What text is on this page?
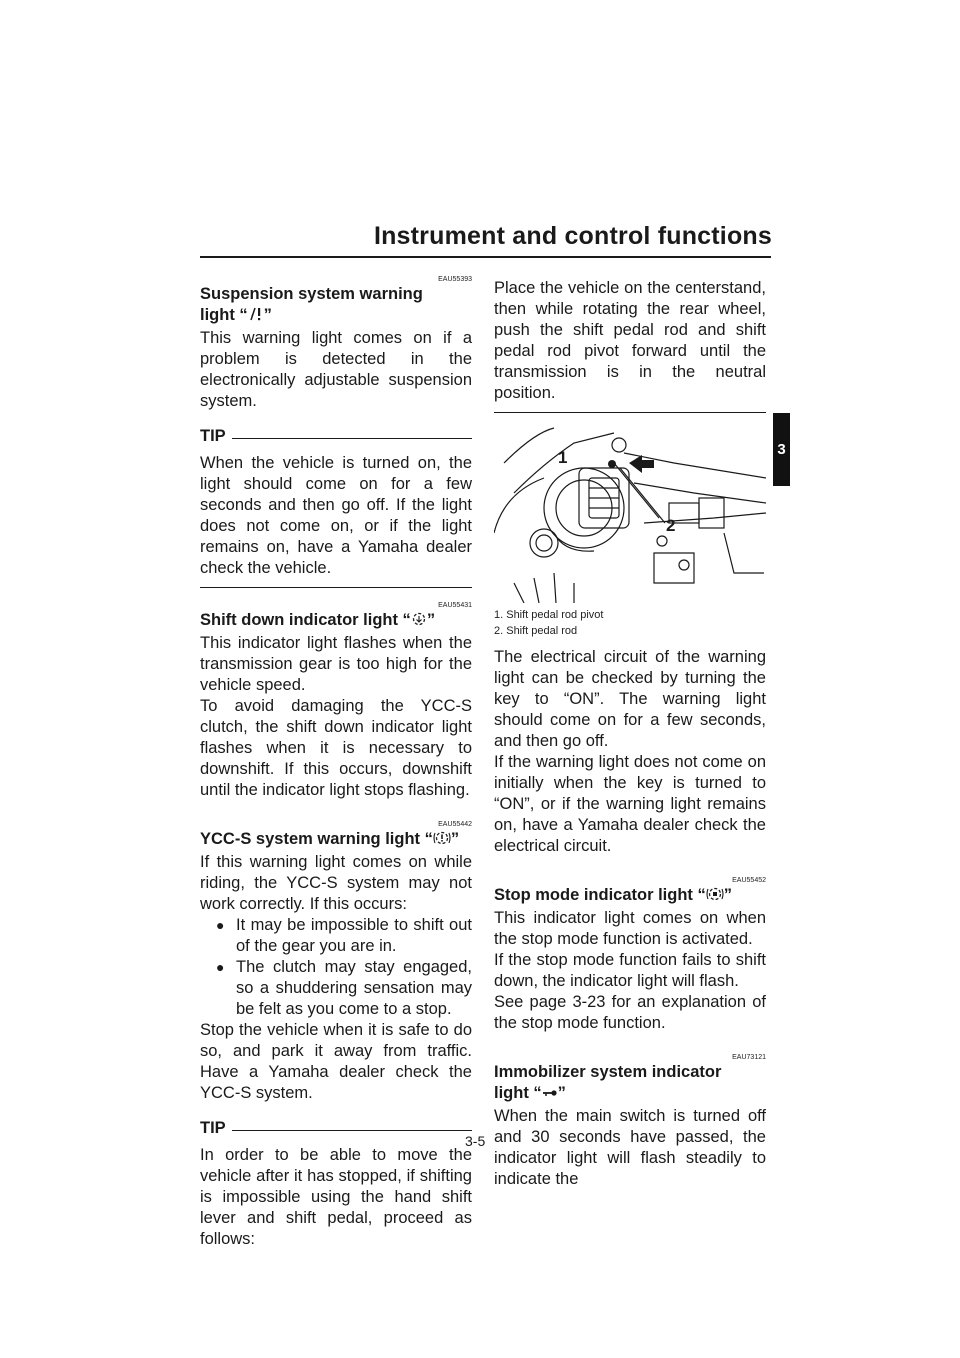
Instrument and control functions
3
EAU55393
Suspension system warning
light “ ”

This warning light comes on if a problem is detected in the electronically adjustable suspension system.

TIP

When the vehicle is turned on, the light should come on for a few seconds and then go off. If the light does not come on, or if the light remains on, have a Yamaha dealer check the vehicle.

EAU55431
Shift down indicator light “ ”

This indicator light flashes when the transmission gear is too high for the vehicle speed.

To avoid damaging the YCC-S clutch, the shift down indicator light flashes when it is necessary to downshift. If this occurs, downshift until the indicator light stops flashing.

EAU55442
YCC-S system warning light “ ”

If this warning light comes on while riding, the YCC-S system may not work correctly. If this occurs:

● It may be impossible to shift out of the gear you are in.
● The clutch may stay engaged, so a shuddering sensation may be felt as you come to a stop.

Stop the vehicle when it is safe to do so, and park it away from traffic. Have a Yamaha dealer check the YCC-S system.

TIP

In order to be able to move the vehicle after it has stopped, if shifting is impossible using the hand shift lever and shift pedal, proceed as follows:

Place the vehicle on the centerstand, then while rotating the rear wheel, push the shift pedal rod and shift pedal rod pivot forward until the transmission is in the neutral position.

1
2
1. Shift pedal rod pivot
2. Shift pedal rod

The electrical circuit of the warning light can be checked by turning the key to “ON”. The warning light should come on for a few seconds, and then go off.

If the warning light does not come on initially when the key is turned to “ON”, or if the warning light remains on, have a Yamaha dealer check the electrical circuit.

EAU55452
Stop mode indicator light “ ”

This indicator light comes on when the stop mode function is activated.

If the stop mode function fails to shift down, the indicator light will flash.

See page 3-23 for an explanation of the stop mode function.

EAU73121
Immobilizer system indicator
light “ ”

When the main switch is turned off and 30 seconds have passed, the indicator light will flash steadily to indicate the

3-5
